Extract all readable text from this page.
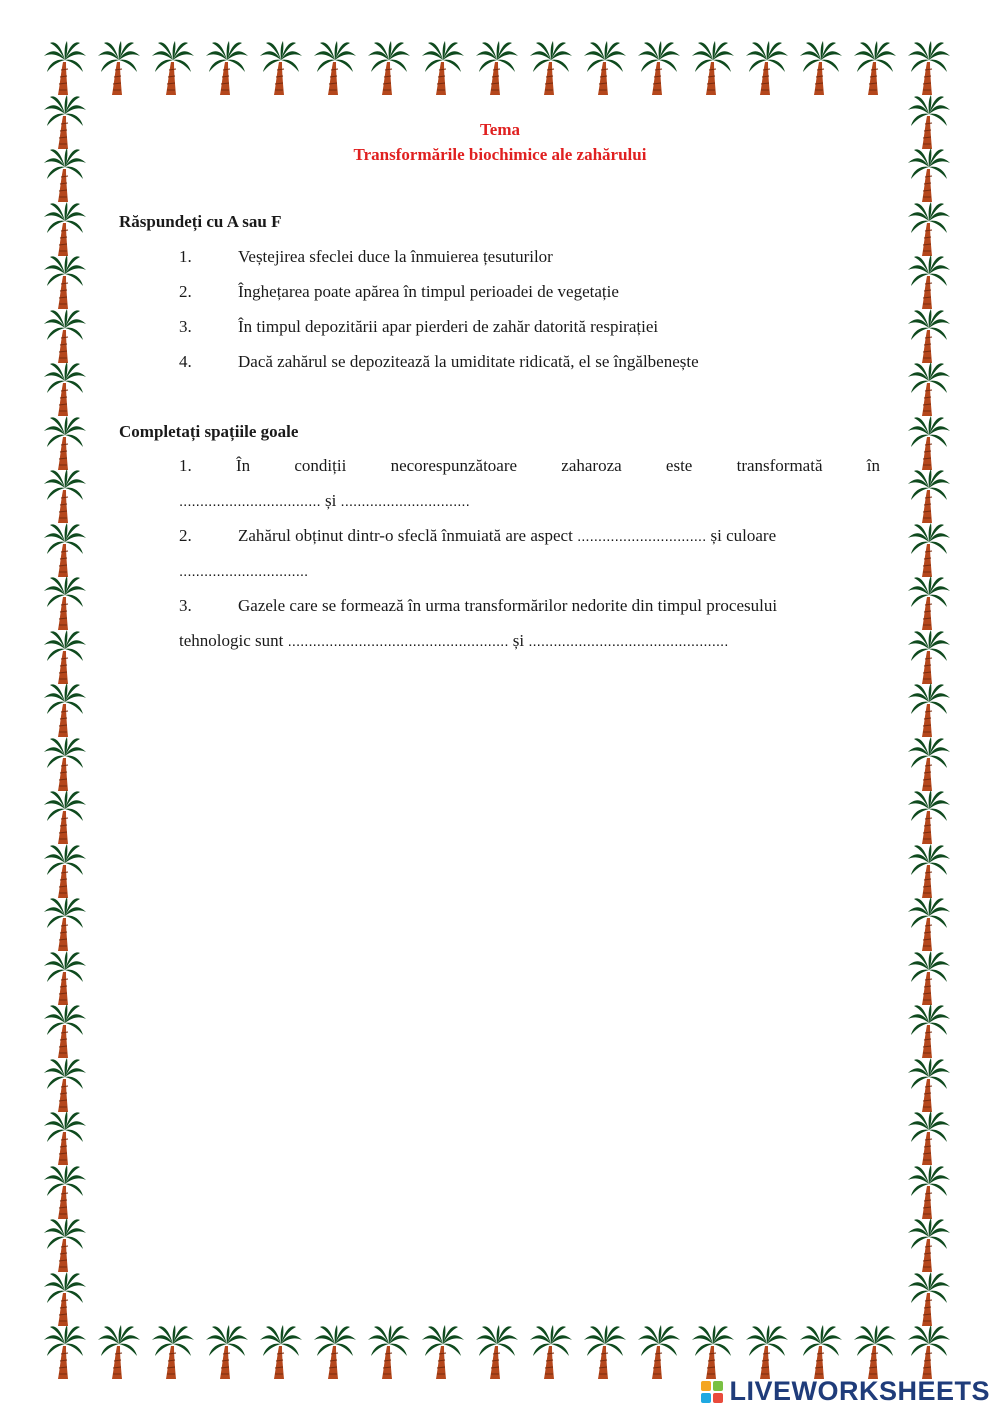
Tema
Transformările biochimice ale zahărului
Răspundeți cu A sau F
1.	Veștejirea sfeclei duce la înmuierea țesuturilor
2.	Înghețarea poate apărea în timpul perioadei de vegetație
3.	În timpul depozitării apar pierderi de zahăr datorită respirației
4.	Dacă zahărul se depozitează la umiditate ridicată, el se îngălbenește
Completați spațiile goale
1.	În	condiții	necorespunzătoare	zaharoza	este	transformată	în
.................................. și ...............................
2.	Zahărul obținut dintr-o sfeclă înmuiată are aspect ............................... și culoare
...............................
3.	Gazele care se formează în urma transformărilor nedorite din timpul procesului
tehnologic sunt ..................................................... și ................................................
LIVEWORKSHEETS
